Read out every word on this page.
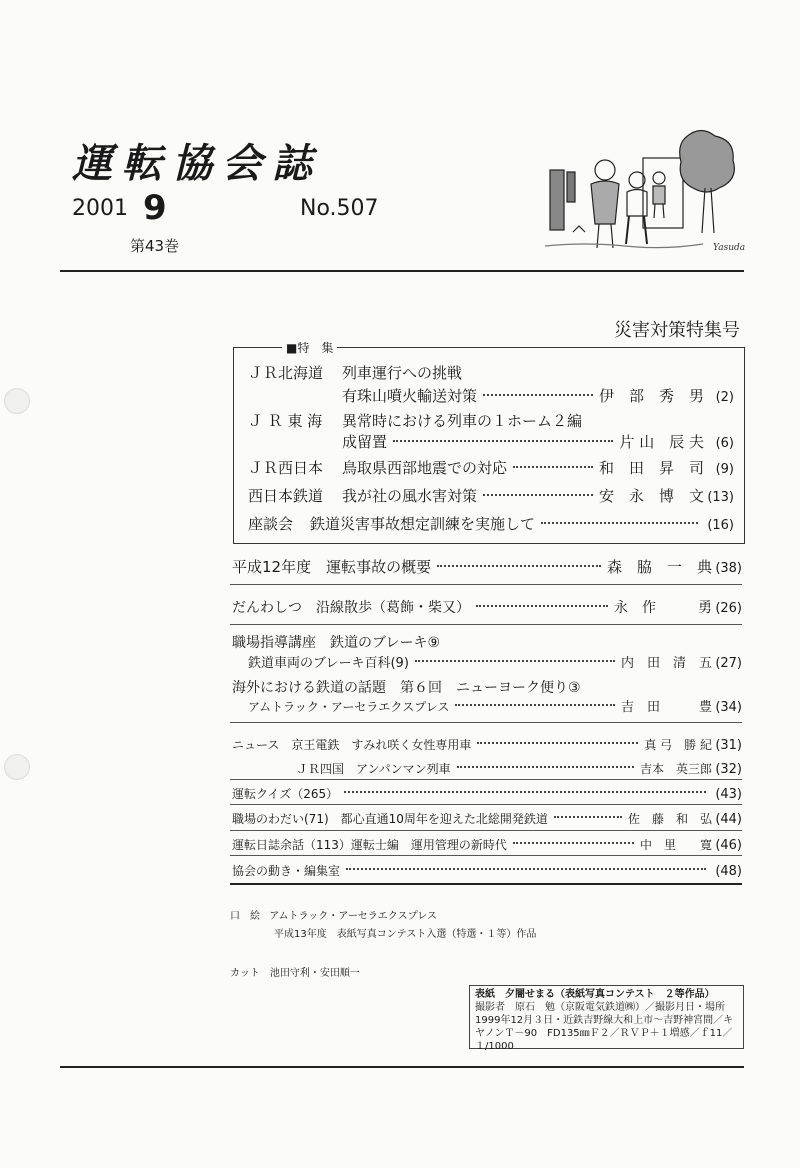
運転協会誌
2001 9	No.507
第43巻	Yasuda
災害対策特集号
■特　集
ＪＲ北海道	列車運行への挑戦
有珠山噴火輸送対策	伊　部　秀　男 (2)
Ｊ Ｒ 東 海	異常時における列車の１ホーム２編
成留置	片 山　辰 夫 (6)
ＪＲ西日本	鳥取県西部地震での対応	和　田　昇　司 (9)
西日本鉄道	我が社の風水害対策	安　永　博　文 (13)
座談会	鉄道災害事故想定訓練を実施して	(16)
平成12年度　運転事故の概要	森　脇　一　典 (38)
だんわしつ　沿線散歩（葛飾・柴又）	永　作　　　勇 (26)
職場指導講座　鉄道のブレーキ⑨
鉄道車両のブレーキ百科(9)	内　田　清　五 (27)
海外における鉄道の話題　第６回　ニューヨーク便り③
アムトラック・アーセラエクスプレス	吉　田　　　豊 (34)
ニュース　京王電鉄　すみれ咲く女性専用車	真 弓　勝 紀 (31)
ＪＲ四国　アンパンマン列車	吉本　英三郎 (32)
運転クイズ（265）	(43)
職場のわだい(71)　都心直通10周年を迎えた北総開発鉄道	佐　藤　和　弘 (44)
運転日誌余話（113）運転士編　運用管理の新時代	中　里　　寛 (46)
協会の動き・編集室	(48)
口　絵 アムトラック・アーセラエクスプレス
平成13年度　表紙写真コンテスト入選（特選・１等）作品
カット　池田守利・安田順一
表紙　夕闇せまる（表紙写真コンテスト　２等作品）
撮影者　原石　勉（京阪電気鉄道㈱）／撮影月日・場所
1999年12月３日・近鉄吉野線大和上市～吉野神宮間／キ
ヤノンＴ－90　FD135㎜Ｆ２／ＲＶＰ＋１増感／ｆ11／
１/1000
